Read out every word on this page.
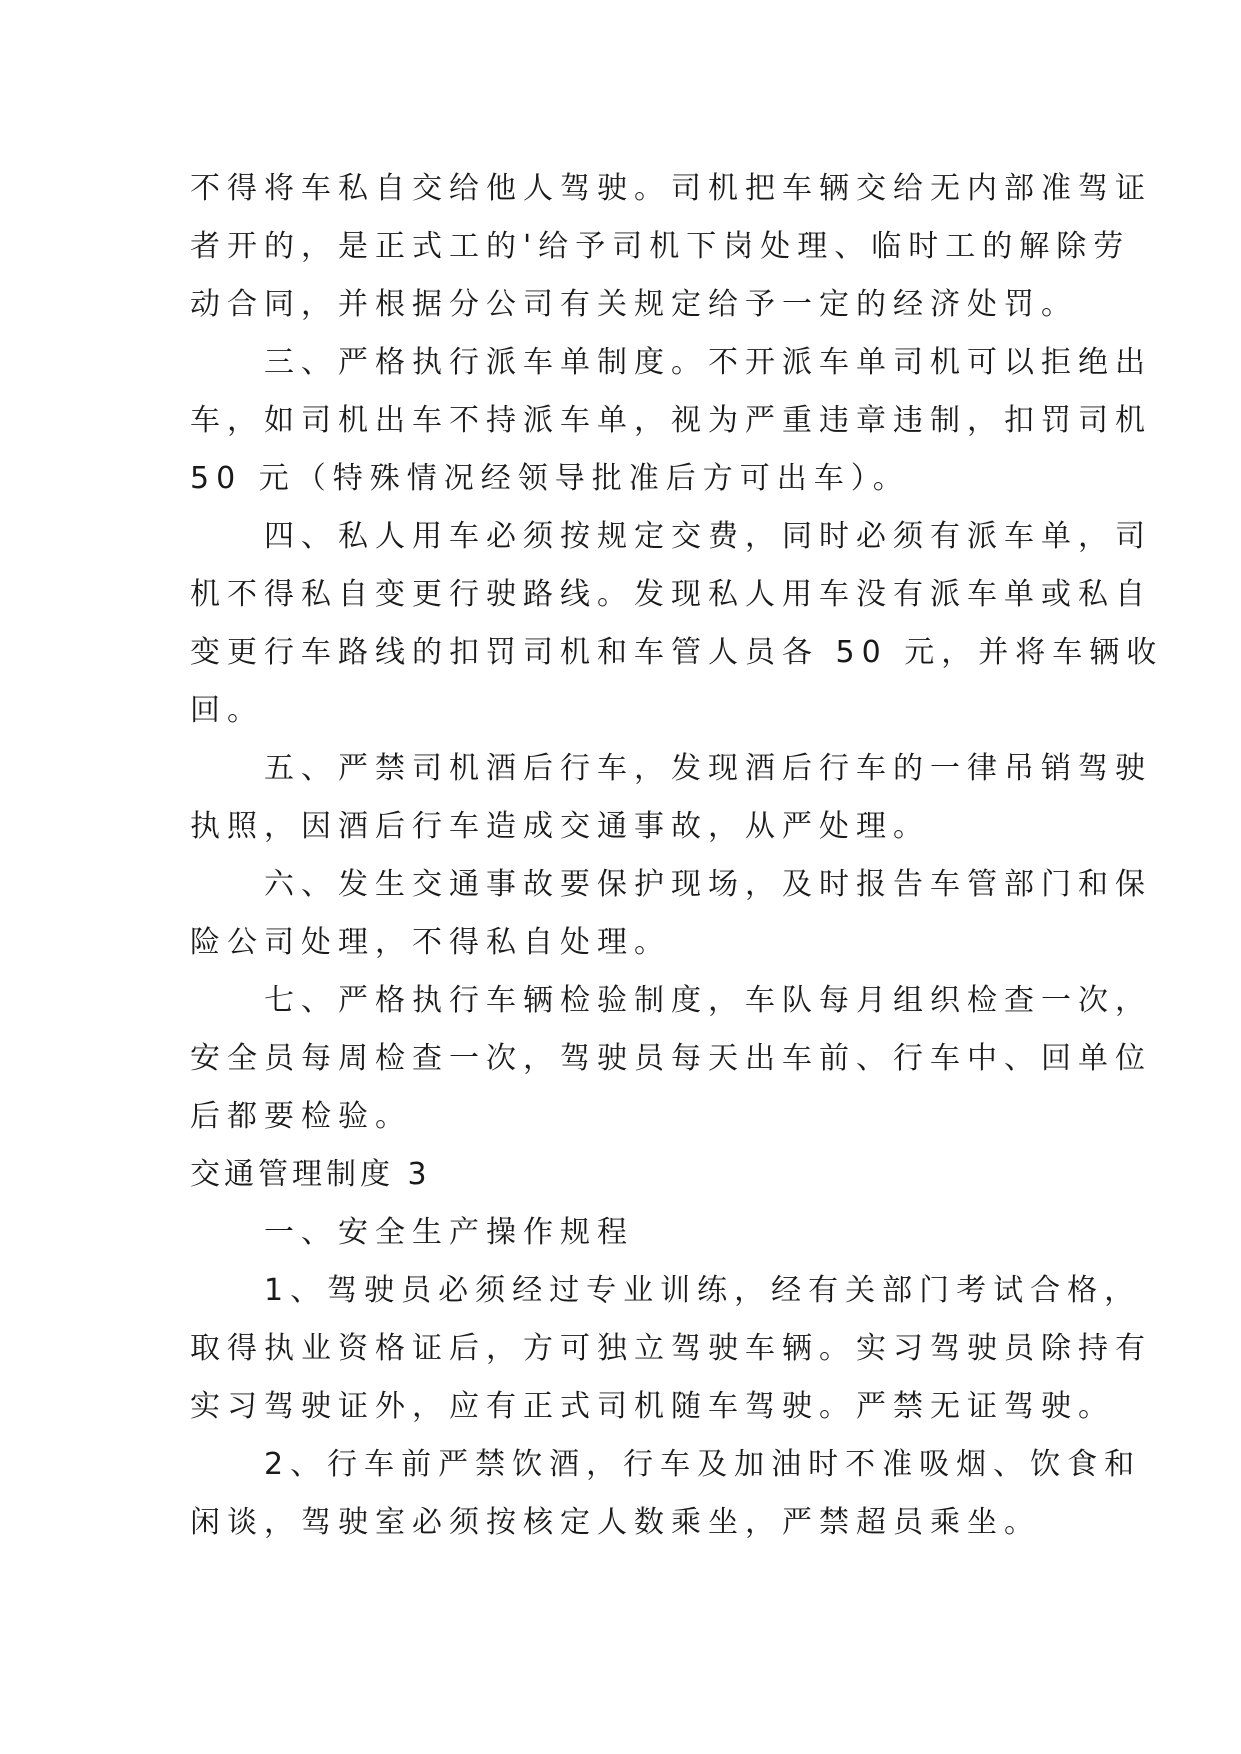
不得将车私自交给他人驾驶。司机把车辆交给无内部准驾证
者开的，是正式工的'给予司机下岗处理、临时工的解除劳
动合同，并根据分公司有关规定给予一定的经济处罚。
三、严格执行派车单制度。不开派车单司机可以拒绝出
车，如司机出车不持派车单，视为严重违章违制，扣罚司机
50 元（特殊情况经领导批准后方可出车）。
四、私人用车必须按规定交费，同时必须有派车单，司
机不得私自变更行驶路线。发现私人用车没有派车单或私自
变更行车路线的扣罚司机和车管人员各 50 元，并将车辆收
回。
五、严禁司机酒后行车，发现酒后行车的一律吊销驾驶
执照，因酒后行车造成交通事故，从严处理。
六、发生交通事故要保护现场，及时报告车管部门和保
险公司处理，不得私自处理。
七、严格执行车辆检验制度，车队每月组织检查一次，
安全员每周检查一次，驾驶员每天出车前、行车中、回单位
后都要检验。
交通管理制度 3
一、安全生产操作规程
1、驾驶员必须经过专业训练，经有关部门考试合格，
取得执业资格证后，方可独立驾驶车辆。实习驾驶员除持有
实习驾驶证外，应有正式司机随车驾驶。严禁无证驾驶。
2、行车前严禁饮酒，行车及加油时不准吸烟、饮食和
闲谈，驾驶室必须按核定人数乘坐，严禁超员乘坐。
